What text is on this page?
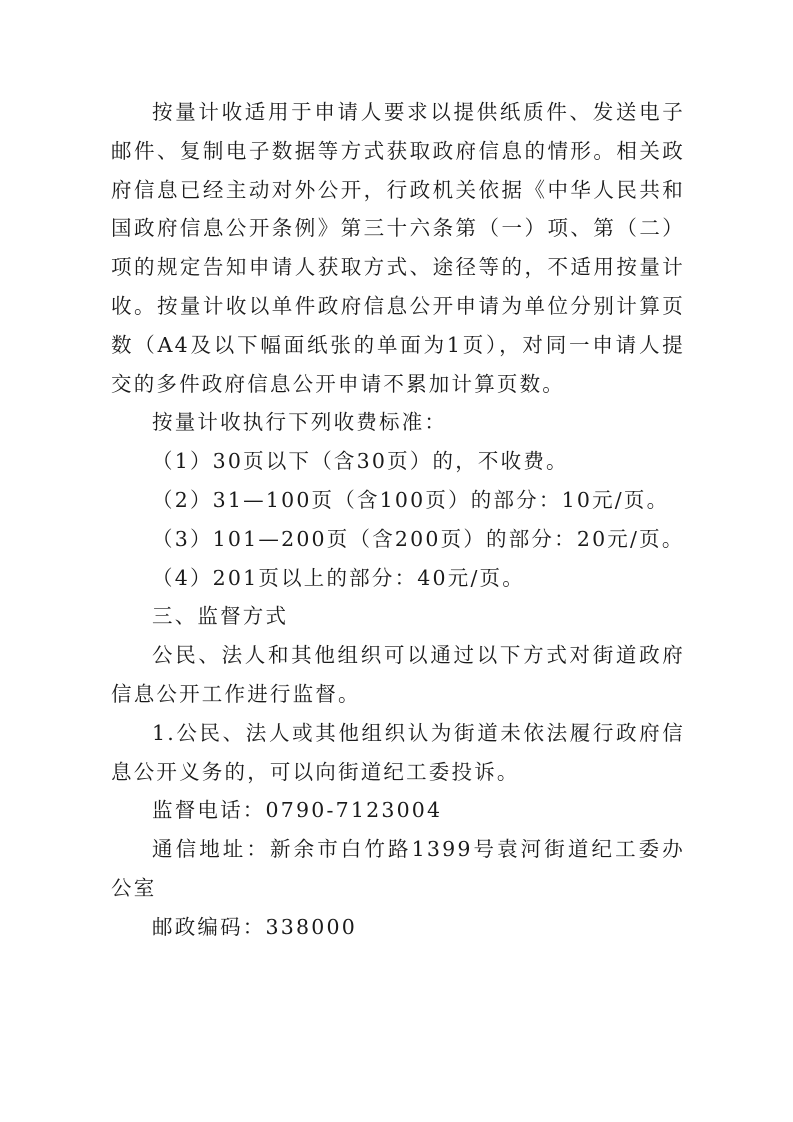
按量计收适用于申请人要求以提供纸质件、发送电子邮件、复制电子数据等方式获取政府信息的情形。相关政府信息已经主动对外公开，行政机关依据《中华人民共和国政府信息公开条例》第三十六条第（一）项、第（二）项的规定告知申请人获取方式、途径等的，不适用按量计收。按量计收以单件政府信息公开申请为单位分别计算页数（A4及以下幅面纸张的单面为1页），对同一申请人提交的多件政府信息公开申请不累加计算页数。

按量计收执行下列收费标准：

（1）30页以下（含30页）的，不收费。

（2）31—100页（含100页）的部分：10元/页。

（3）101—200页（含200页）的部分：20元/页。

（4）201页以上的部分：40元/页。

三、监督方式

公民、法人和其他组织可以通过以下方式对街道政府信息公开工作进行监督。

1.公民、法人或其他组织认为街道未依法履行政府信息公开义务的，可以向街道纪工委投诉。

监督电话：0790-7123004

通信地址：新余市白竹路1399号袁河街道纪工委办公室

邮政编码：338000
